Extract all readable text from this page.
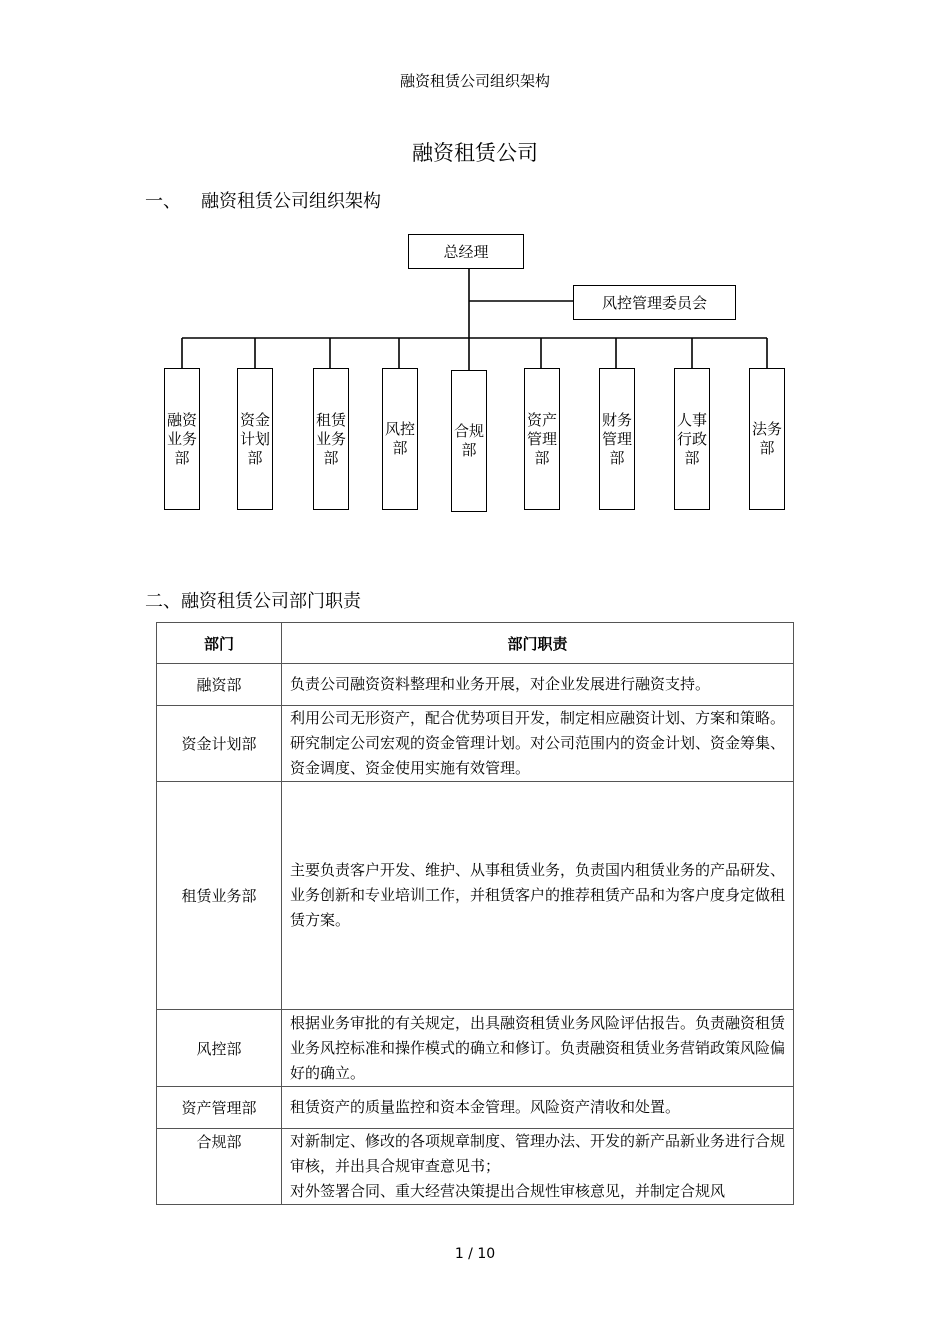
融资租赁公司组织架构
融资租赁公司
一、 融资租赁公司组织架构
总经理
风控管理委员会
融资业务部
资金计划部
租赁业务部
风控部
合规部
资产管理部
财务管理部
人事行政部
法务部
二、融资租赁公司部门职责
部门	部门职责
融资部	负责公司融资资料整理和业务开展，对企业发展进行融资支持。
资金计划部	利用公司无形资产，配合优势项目开发，制定相应融资计划、方案和策略。研究制定公司宏观的资金管理计划。对公司范围内的资金计划、资金筹集、资金调度、资金使用实施有效管理。
租赁业务部	主要负责客户开发、维护、从事租赁业务，负责国内租赁业务的产品研发、业务创新和专业培训工作，并租赁客户的推荐租赁产品和为客户度身定做租赁方案。
风控部	根据业务审批的有关规定，出具融资租赁业务风险评估报告。负责融资租赁业务风控标准和操作模式的确立和修订。负责融资租赁业务营销政策风险偏好的确立。
资产管理部	租赁资产的质量监控和资本金管理。风险资产清收和处置。
合规部	对新制定、修改的各项规章制度、管理办法、开发的新产品新业务进行合规审核，并出具合规审查意见书；
对外签署合同、重大经营决策提出合规性审核意见，并制定合规风
1 / 10
